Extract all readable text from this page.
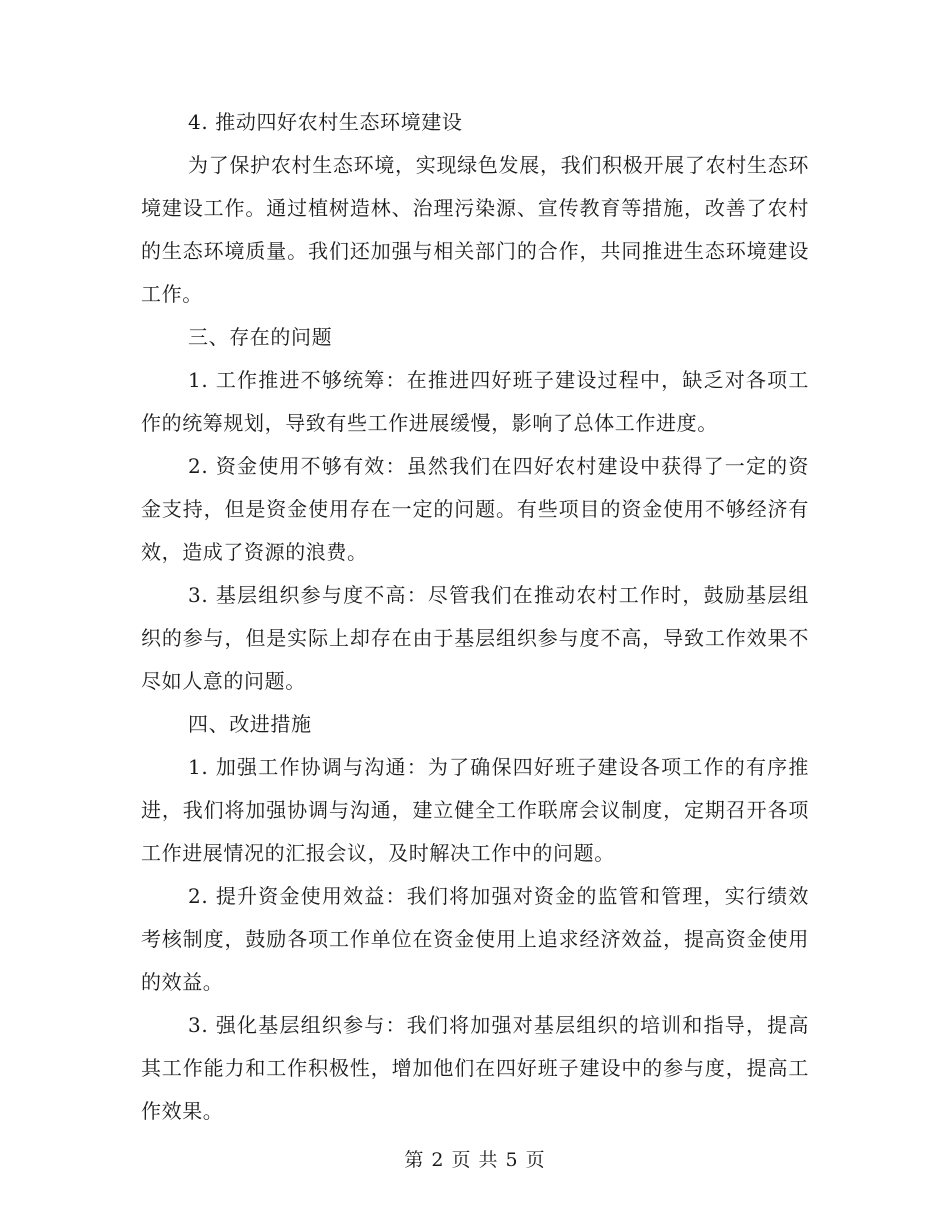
4. 推动四好农村生态环境建设

为了保护农村生态环境，实现绿色发展，我们积极开展了农村生态环境建设工作。通过植树造林、治理污染源、宣传教育等措施，改善了农村的生态环境质量。我们还加强与相关部门的合作，共同推进生态环境建设工作。

三、存在的问题

1. 工作推进不够统筹：在推进四好班子建设过程中，缺乏对各项工作的统筹规划，导致有些工作进展缓慢，影响了总体工作进度。

2. 资金使用不够有效：虽然我们在四好农村建设中获得了一定的资金支持，但是资金使用存在一定的问题。有些项目的资金使用不够经济有效，造成了资源的浪费。

3. 基层组织参与度不高：尽管我们在推动农村工作时，鼓励基层组织的参与，但是实际上却存在由于基层组织参与度不高，导致工作效果不尽如人意的问题。

四、改进措施

1. 加强工作协调与沟通：为了确保四好班子建设各项工作的有序推进，我们将加强协调与沟通，建立健全工作联席会议制度，定期召开各项工作进展情况的汇报会议，及时解决工作中的问题。

2. 提升资金使用效益：我们将加强对资金的监管和管理，实行绩效考核制度，鼓励各项工作单位在资金使用上追求经济效益，提高资金使用的效益。

3. 强化基层组织参与：我们将加强对基层组织的培训和指导，提高其工作能力和工作积极性，增加他们在四好班子建设中的参与度，提高工作效果。

第 2 页 共 5 页
